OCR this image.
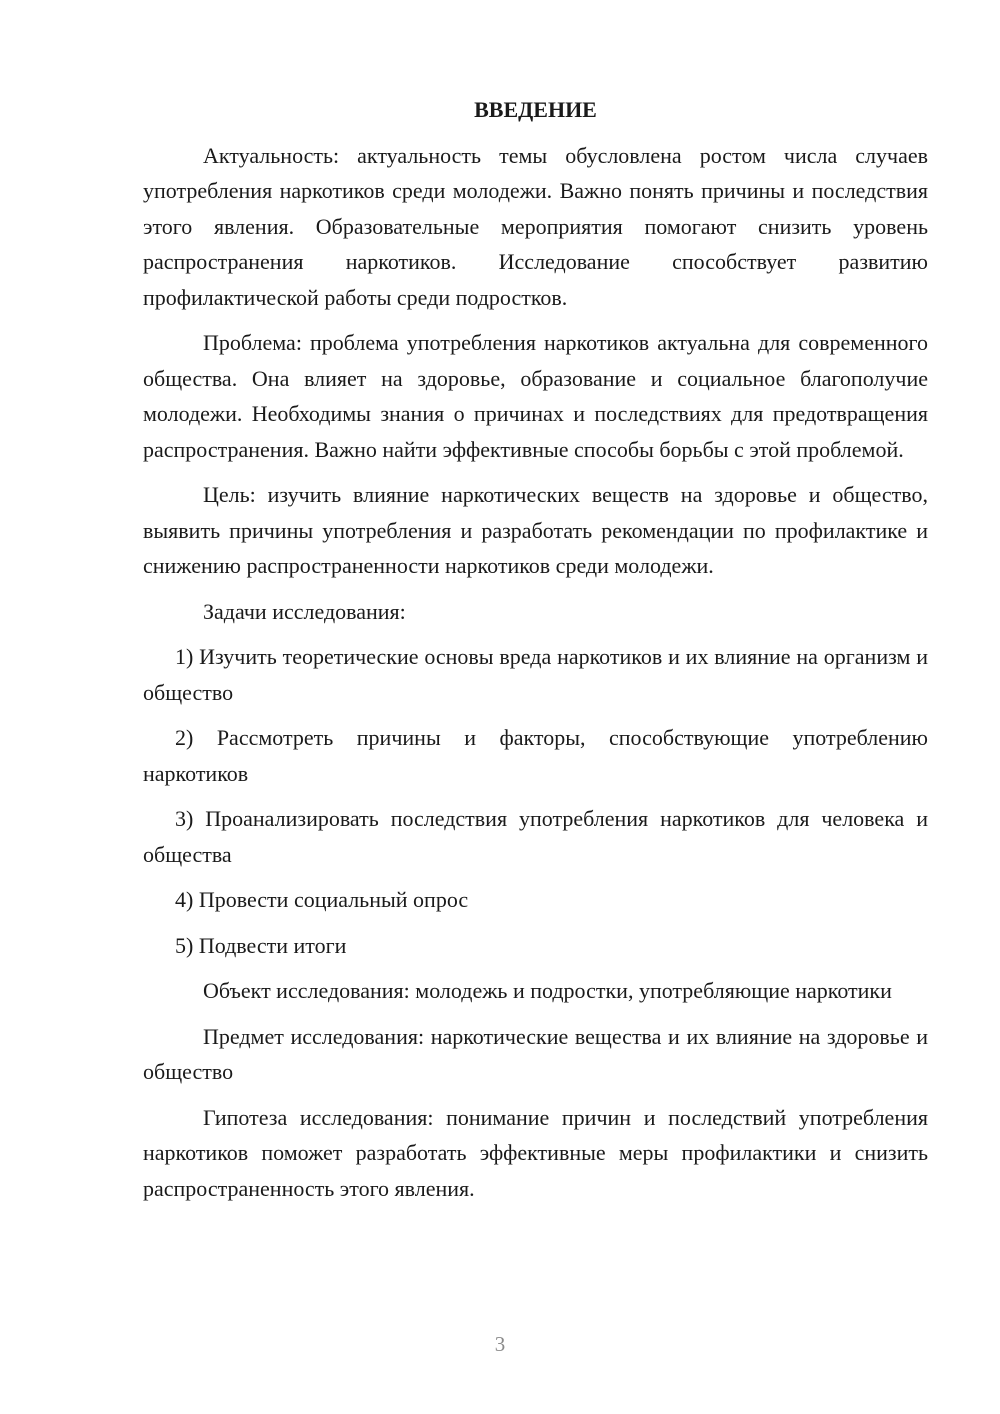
ВВЕДЕНИЕ

Актуальность: актуальность темы обусловлена ростом числа случаев употребления наркотиков среди молодежи. Важно понять причины и последствия этого явления. Образовательные мероприятия помогают снизить уровень распространения наркотиков. Исследование способствует развитию профилактической работы среди подростков.

Проблема: проблема употребления наркотиков актуальна для современного общества. Она влияет на здоровье, образование и социальное благополучие молодежи. Необходимы знания о причинах и последствиях для предотвращения распространения. Важно найти эффективные способы борьбы с этой проблемой.

Цель: изучить влияние наркотических веществ на здоровье и общество, выявить причины употребления и разработать рекомендации по профилактике и снижению распространенности наркотиков среди молодежи.

Задачи исследования:

1) Изучить теоретические основы вреда наркотиков и их влияние на организм и общество

2) Рассмотреть причины и факторы, способствующие употреблению наркотиков

3) Проанализировать последствия употребления наркотиков для человека и общества

4) Провести социальный опрос

5) Подвести итоги

Объект исследования: молодежь и подростки, употребляющие наркотики

Предмет исследования: наркотические вещества и их влияние на здоровье и общество

Гипотеза исследования: понимание причин и последствий употребления наркотиков поможет разработать эффективные меры профилактики и снизить распространенность этого явления.

3
